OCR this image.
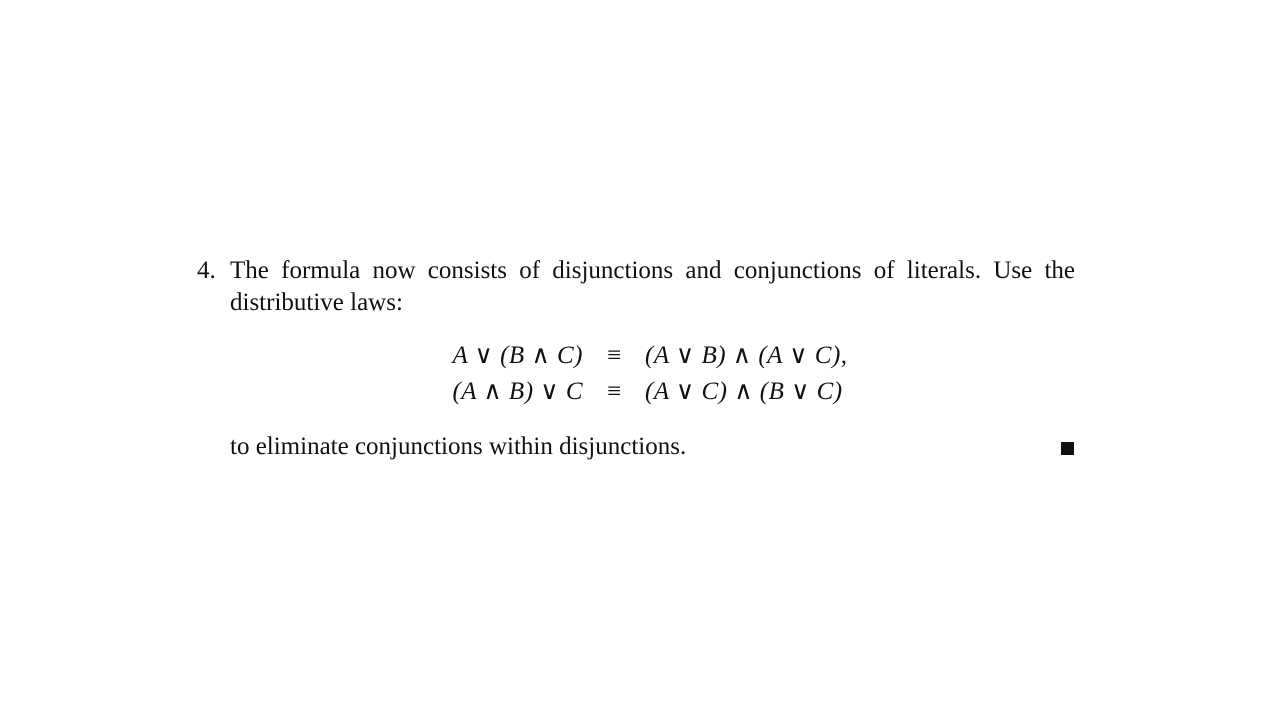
4. The formula now consists of disjunctions and conjunctions of literals. Use the
distributive laws:
A ∨ (B ∧ C)	≡	(A ∨ B) ∧ (A ∨ C),
(A ∧ B) ∨ C	≡	(A ∨ C) ∧ (B ∨ C)
to eliminate conjunctions within disjunctions.
